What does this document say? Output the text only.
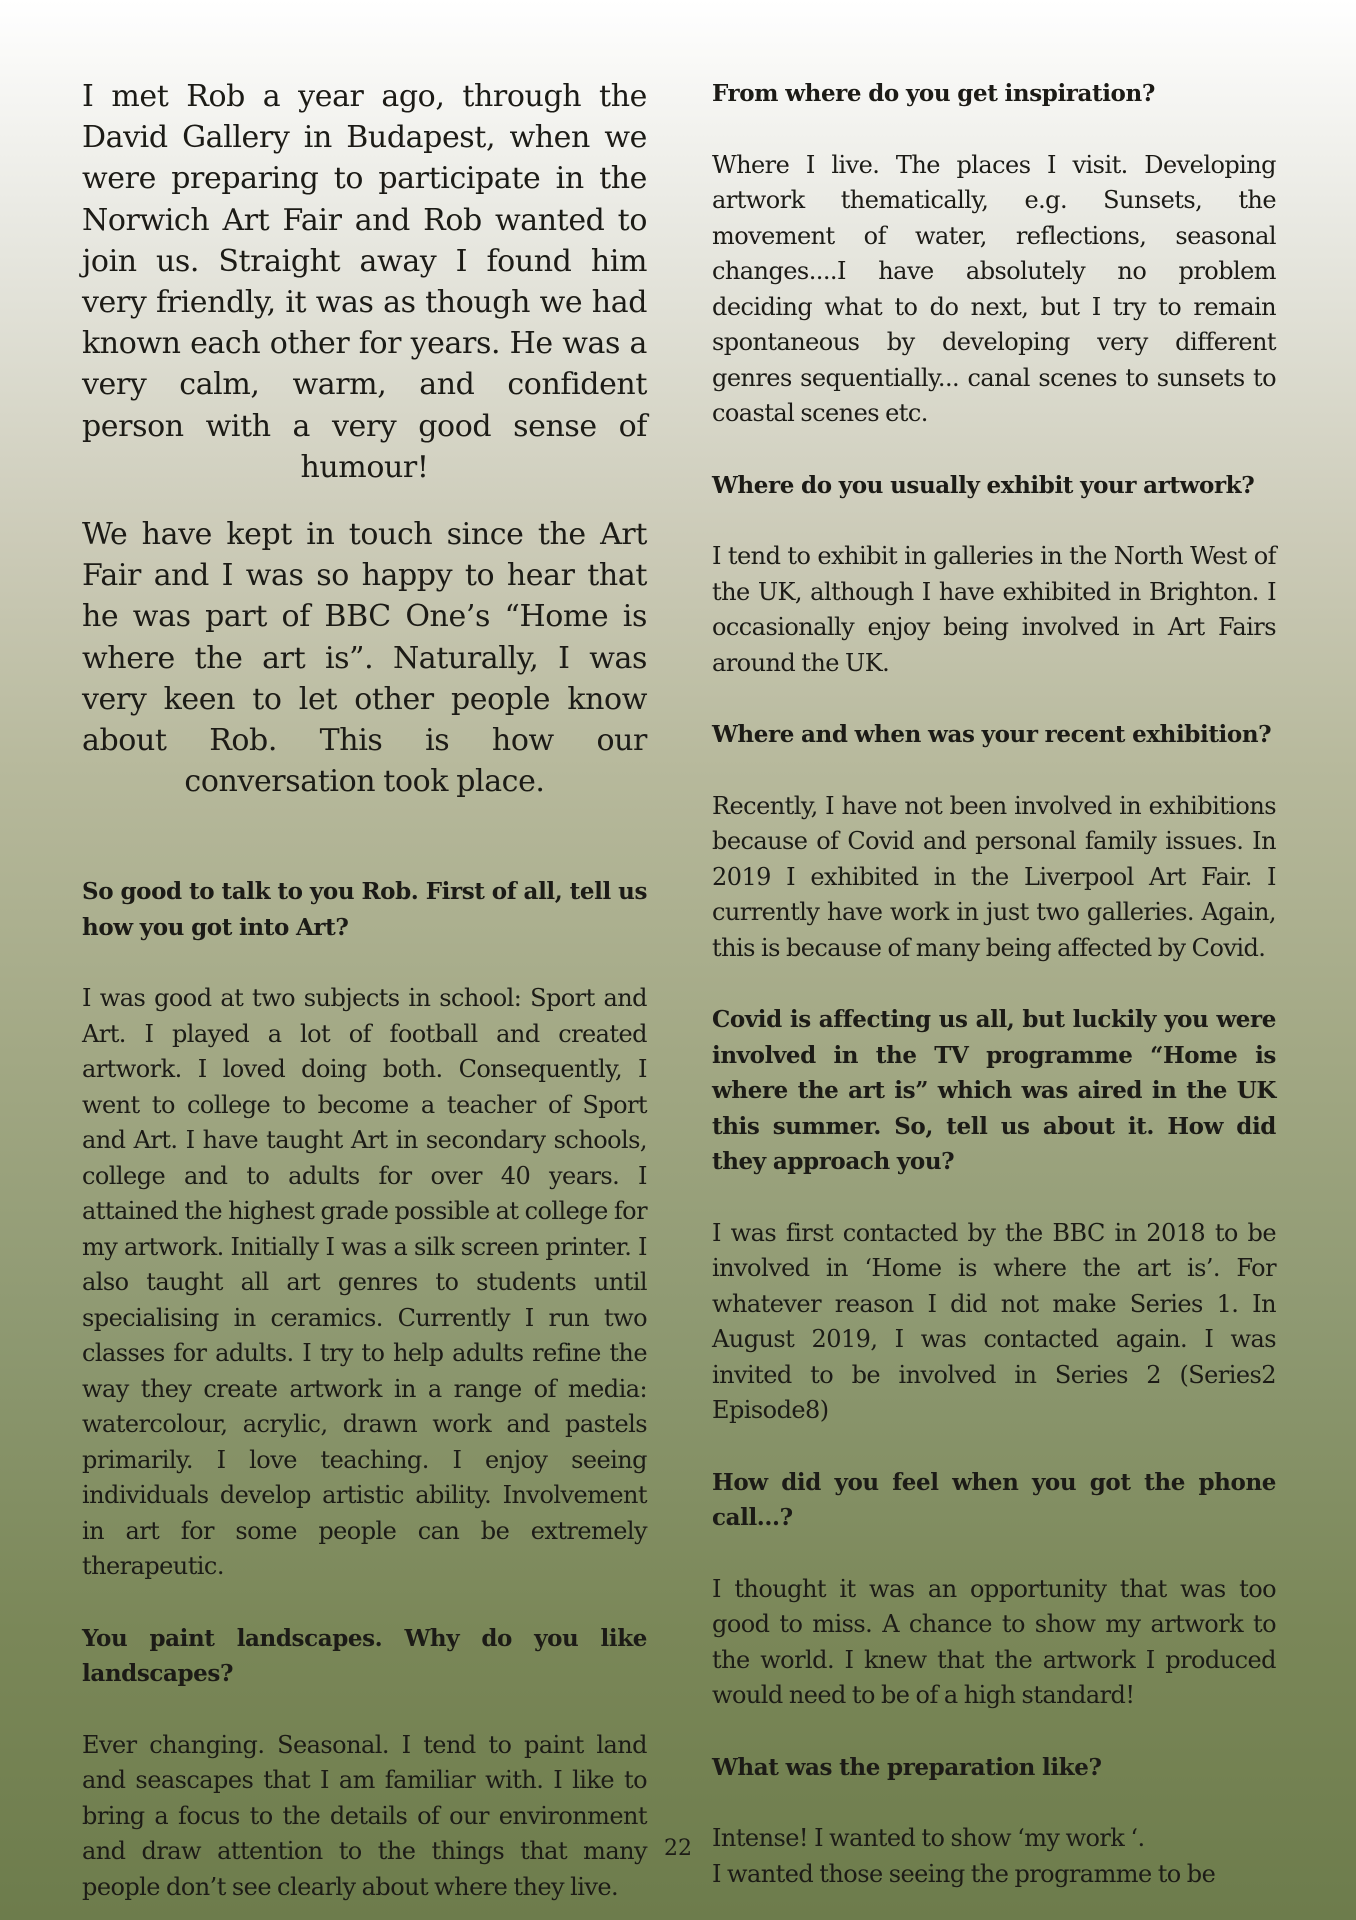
I met Rob a year ago, through the David Gallery in Budapest, when we were preparing to participate in the Norwich Art Fair and Rob wanted to join us. Straight away I found him very friendly, it was as though we had known each other for years. He was a very calm, warm, and confident person with a very good sense of humour!

We have kept in touch since the Art Fair and I was so happy to hear that he was part of BBC One’s “Home is where the art is”. Naturally, I was very keen to let other people know about Rob. This is how our conversation took place.

So good to talk to you Rob. First of all, tell us how you got into Art?

I was good at two subjects in school: Sport and Art. I played a lot of football and created artwork. I loved doing both. Consequently, I went to college to become a teacher of Sport and Art. I have taught Art in secondary schools, college and to adults for over 40 years. I attained the highest grade possible at college for my artwork. Initially I was a silk screen printer. I also taught all art genres to students until specialising in ceramics. Currently I run two classes for adults. I try to help adults refine the way they create artwork in a range of media: watercolour, acrylic, drawn work and pastels primarily. I love teaching. I enjoy seeing individuals develop artistic ability. Involvement in art for some people can be extremely therapeutic.

You paint landscapes. Why do you like landscapes?

Ever changing. Seasonal. I tend to paint land and seascapes that I am familiar with. I like to bring a focus to the details of our environment and draw attention to the things that many people don’t see clearly about where they live.

From where do you get inspiration?

Where I live. The places I visit. Developing artwork thematically, e.g. Sunsets, the movement of water, reflections, seasonal changes....I have absolutely no problem deciding what to do next, but I try to remain spontaneous by developing very different genres sequentially... canal scenes to sunsets to coastal scenes etc.

Where do you usually exhibit your artwork?

I tend to exhibit in galleries in the North West of the UK, although I have exhibited in Brighton. I occasionally enjoy being involved in Art Fairs around the UK.

Where and when was your recent exhibition?

Recently, I have not been involved in exhibitions because of Covid and personal family issues. In 2019 I exhibited in the Liverpool Art Fair. I currently have work in just two galleries. Again, this is because of many being affected by Covid.

Covid is affecting us all, but luckily you were involved in the TV programme “Home is where the art is” which was aired in the UK this summer. So, tell us about it. How did they approach you?

I was first contacted by the BBC in 2018 to be involved in ‘Home is where the art is’. For whatever reason I did not make Series 1. In August 2019, I was contacted again. I was invited to be involved in Series 2 (Series2 Episode8)

How did you feel when you got the phone call...?

I thought it was an opportunity that was too good to miss. A chance to show my artwork to the world. I knew that the artwork I produced would need to be of a high standard!

What was the preparation like?

Intense! I wanted to show ‘my work ‘.
I wanted those seeing the programme to be

22
